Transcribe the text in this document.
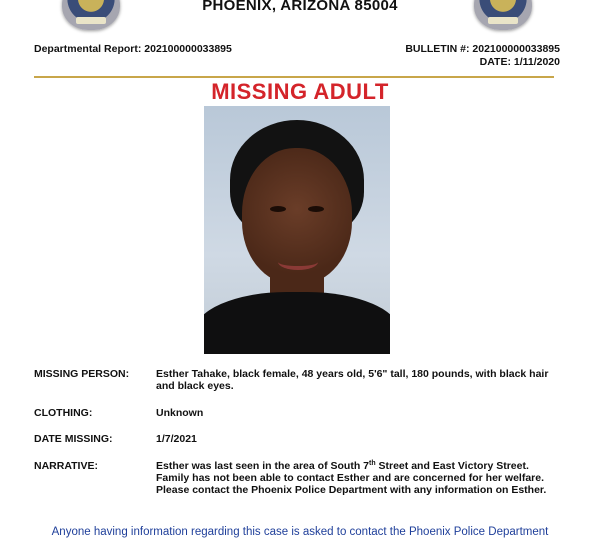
PHOENIX, ARIZONA 85004
Departmental Report: 202100000033895	BULLETIN #: 202100000033895
DATE: 1/11/2020
MISSING ADULT
MISSING PERSON:	Esther Tahake, black female, 48 years old, 5'6" tall, 180 pounds, with black hair and black eyes.
CLOTHING:	Unknown
DATE MISSING:	1/7/2021
NARRATIVE:	Esther was last seen in the area of South 7th Street and East Victory Street. Family has not been able to contact Esther and are concerned for her welfare. Please contact the Phoenix Police Department with any information on Esther.
Anyone having information regarding this case is asked to contact the Phoenix Police Department
